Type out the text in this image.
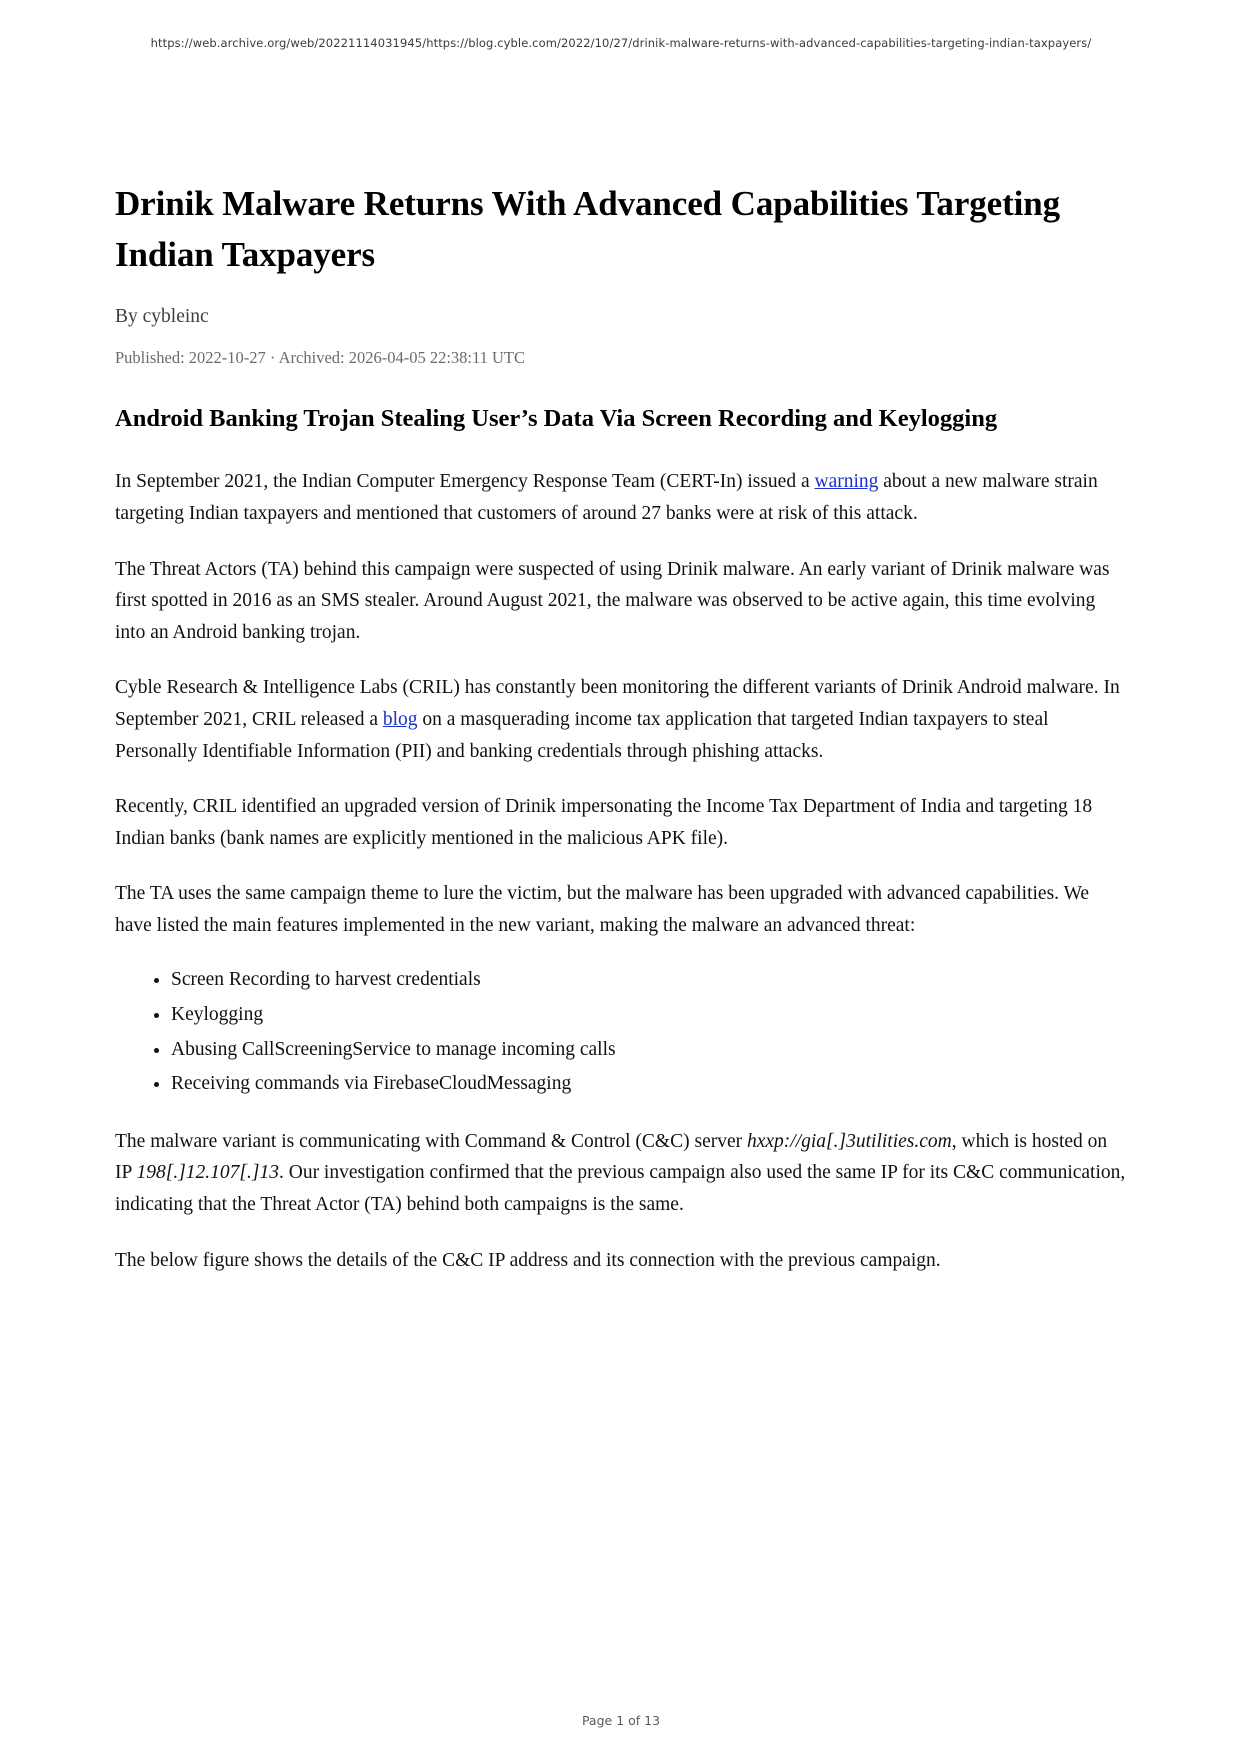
https://web.archive.org/web/20221114031945/https://blog.cyble.com/2022/10/27/drinik-malware-returns-with-advanced-capabilities-targeting-indian-taxpayers/
Drinik Malware Returns With Advanced Capabilities Targeting Indian Taxpayers
By cybleinc
Published: 2022-10-27 · Archived: 2026-04-05 22:38:11 UTC
Android Banking Trojan Stealing User’s Data Via Screen Recording and Keylogging

In September 2021, the Indian Computer Emergency Response Team (CERT-In) issued a warning about a new malware strain targeting Indian taxpayers and mentioned that customers of around 27 banks were at risk of this attack.

The Threat Actors (TA) behind this campaign were suspected of using Drinik malware. An early variant of Drinik malware was first spotted in 2016 as an SMS stealer. Around August 2021, the malware was observed to be active again, this time evolving into an Android banking trojan.

Cyble Research & Intelligence Labs (CRIL) has constantly been monitoring the different variants of Drinik Android malware. In September 2021, CRIL released a blog on a masquerading income tax application that targeted Indian taxpayers to steal Personally Identifiable Information (PII) and banking credentials through phishing attacks.

Recently, CRIL identified an upgraded version of Drinik impersonating the Income Tax Department of India and targeting 18 Indian banks (bank names are explicitly mentioned in the malicious APK file).

The TA uses the same campaign theme to lure the victim, but the malware has been upgraded with advanced capabilities. We have listed the main features implemented in the new variant, making the malware an advanced threat:

• Screen Recording to harvest credentials
• Keylogging
• Abusing CallScreeningService to manage incoming calls
• Receiving commands via FirebaseCloudMessaging

The malware variant is communicating with Command & Control (C&C) server hxxp://gia[.]3utilities.com, which is hosted on IP 198[.]12.107[.]13. Our investigation confirmed that the previous campaign also used the same IP for its C&C communication, indicating that the Threat Actor (TA) behind both campaigns is the same.

The below figure shows the details of the C&C IP address and its connection with the previous campaign.

Page 1 of 13
